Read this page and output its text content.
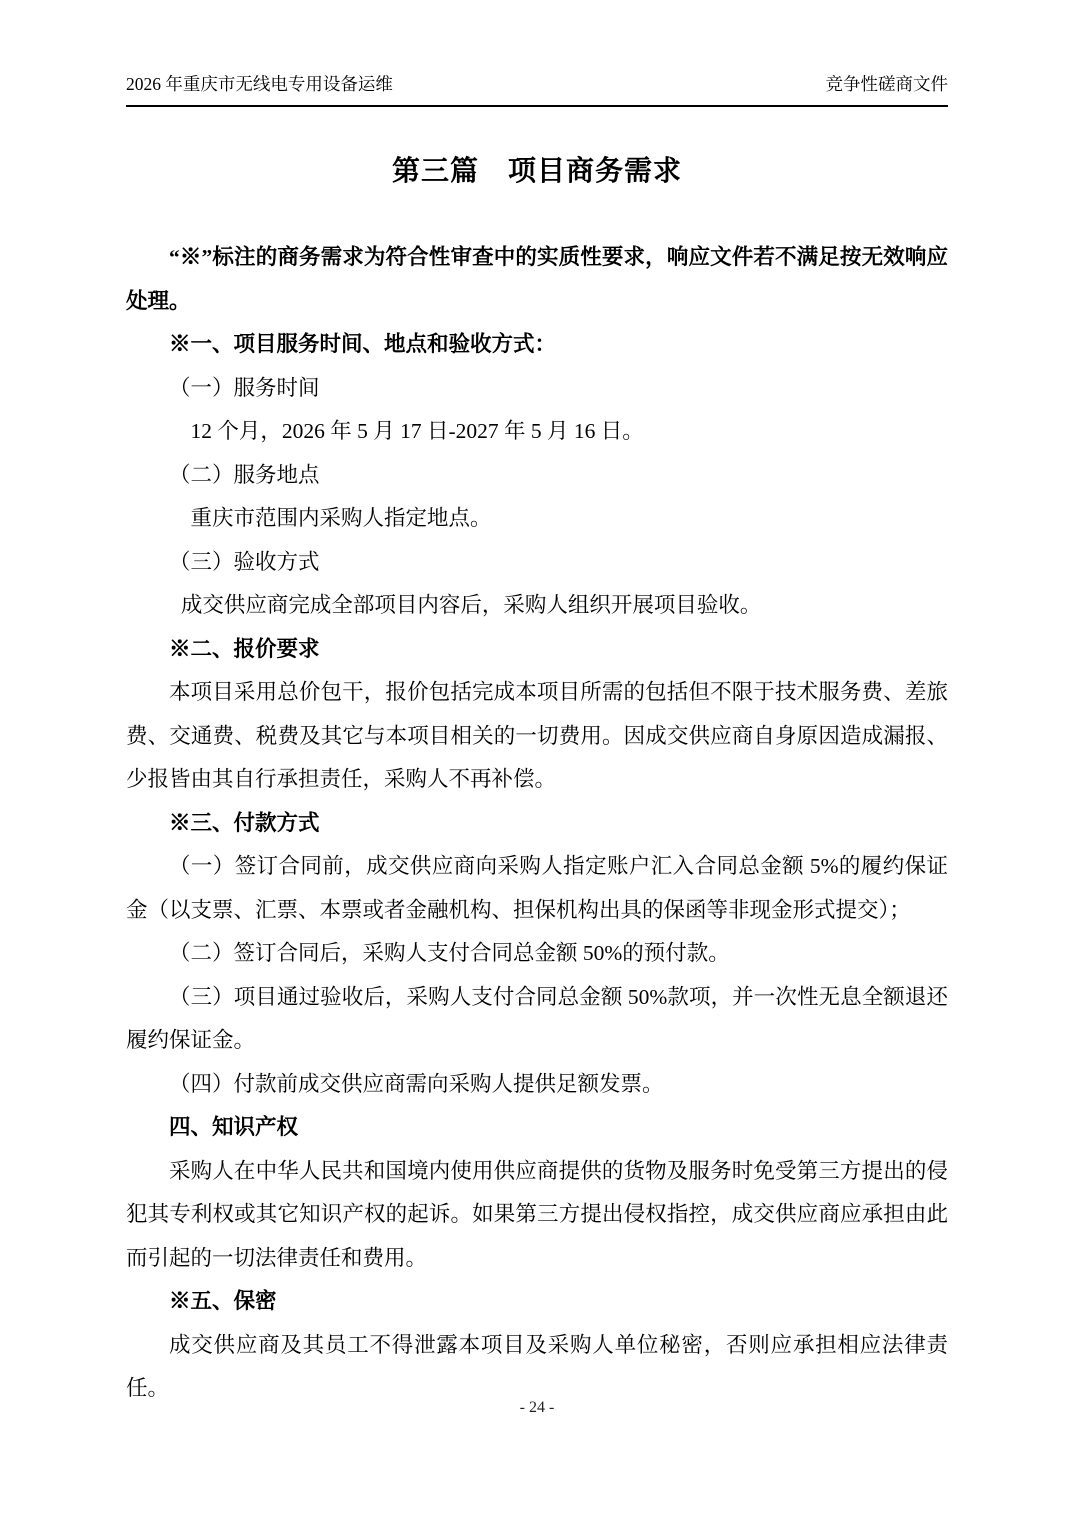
2026 年重庆市无线电专用设备运维	竞争性磋商文件
第三篇　项目商务需求

“※”标注的商务需求为符合性审查中的实质性要求，响应文件若不满足按无效响应处理。

※一、项目服务时间、地点和验收方式：

（一）服务时间

12 个月，2026 年 5 月 17 日-2027 年 5 月 16 日。

（二）服务地点

重庆市范围内采购人指定地点。

（三）验收方式

成交供应商完成全部项目内容后，采购人组织开展项目验收。

※二、报价要求

本项目采用总价包干，报价包括完成本项目所需的包括但不限于技术服务费、差旅费、交通费、税费及其它与本项目相关的一切费用。因成交供应商自身原因造成漏报、少报皆由其自行承担责任，采购人不再补偿。

※三、付款方式

（一）签订合同前，成交供应商向采购人指定账户汇入合同总金额 5%的履约保证金（以支票、汇票、本票或者金融机构、担保机构出具的保函等非现金形式提交）；

（二）签订合同后，采购人支付合同总金额 50%的预付款。

（三）项目通过验收后，采购人支付合同总金额 50%款项，并一次性无息全额退还履约保证金。

（四）付款前成交供应商需向采购人提供足额发票。

四、知识产权

采购人在中华人民共和国境内使用供应商提供的货物及服务时免受第三方提出的侵犯其专利权或其它知识产权的起诉。如果第三方提出侵权指控，成交供应商应承担由此而引起的一切法律责任和费用。

※五、保密

成交供应商及其员工不得泄露本项目及采购人单位秘密，否则应承担相应法律责任。

- 24 -
